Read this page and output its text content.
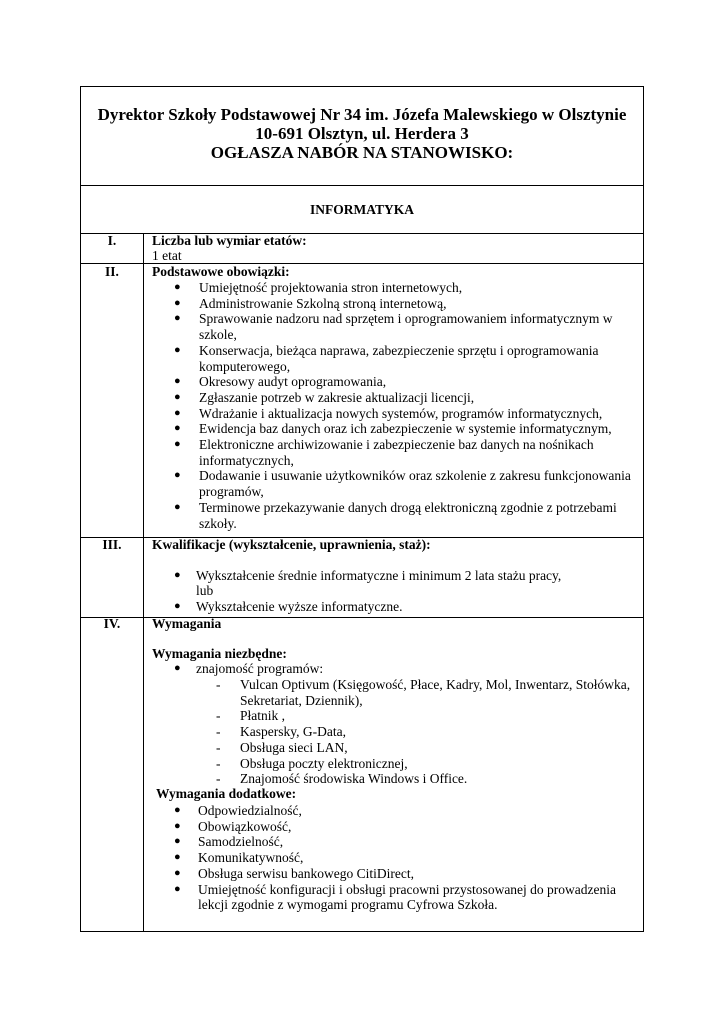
Dyrektor Szkoły Podstawowej Nr 34 im. Józefa Malewskiego w Olsztynie
10-691 Olsztyn, ul. Herdera 3
OGŁASZA NABÓR NA STANOWISKO:
INFORMATYKA
I.	Liczba lub wymiar etatów:
1 etat
II.	Podstawowe obowiązki:
● Umiejętność projektowania stron internetowych,
● Administrowanie Szkolną stroną internetową,
● Sprawowanie nadzoru nad sprzętem i oprogramowaniem informatycznym w
szkole,
● Konserwacja, bieżąca naprawa, zabezpieczenie sprzętu i oprogramowania
komputerowego,
● Okresowy audyt oprogramowania,
● Zgłaszanie potrzeb w zakresie aktualizacji licencji,
● Wdrażanie i aktualizacja nowych systemów, programów informatycznych,
● Ewidencja baz danych oraz ich zabezpieczenie w systemie informatycznym,
● Elektroniczne archiwizowanie i zabezpieczenie baz danych na nośnikach
informatycznych,
● Dodawanie i usuwanie użytkowników oraz szkolenie z zakresu funkcjonowania
programów,
● Terminowe przekazywanie danych drogą elektroniczną zgodnie z potrzebami
szkoły.
III.	Kwalifikacje (wykształcenie, uprawnienia, staż):
● Wykształcenie średnie informatyczne i minimum 2 lata stażu pracy,
lub
● Wykształcenie wyższe informatyczne.
IV.	Wymagania
Wymagania niezbędne:
● znajomość programów:
- Vulcan Optivum (Księgowość, Płace, Kadry, Mol, Inwentarz, Stołówka,
Sekretariat, Dziennik),
- Płatnik ,
- Kaspersky, G-Data,
- Obsługa sieci LAN,
- Obsługa poczty elektronicznej,
- Znajomość środowiska Windows i Office.
Wymagania dodatkowe:
● Odpowiedzialność,
● Obowiązkowość,
● Samodzielność,
● Komunikatywność,
● Obsługa serwisu bankowego CitiDirect,
● Umiejętność konfiguracji i obsługi pracowni przystosowanej do prowadzenia
lekcji zgodnie z wymogami programu Cyfrowa Szkoła.
